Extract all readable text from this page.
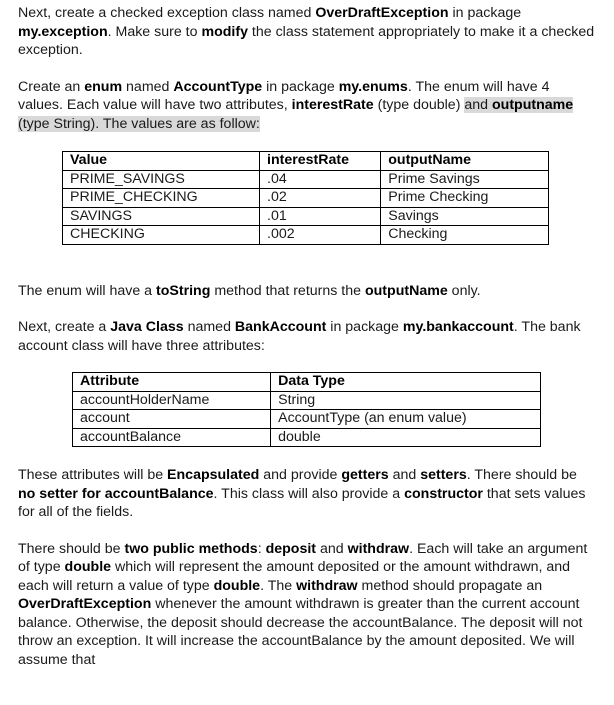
Next, create a checked exception class named OverDraftException in package my.exception. Make sure to modify the class statement appropriately to make it a checked exception.

Create an enum named AccountType in package my.enums. The enum will have 4 values. Each value will have two attributes, interestRate (type double) and outputname (type String). The values are as follow:

Value	interestRate	outputName
PRIME_SAVINGS	.04	Prime Savings
PRIME_CHECKING	.02	Prime Checking
SAVINGS	.01	Savings
CHECKING	.002	Checking

The enum will have a toString method that returns the outputName only.

Next, create a Java Class named BankAccount in package my.bankaccount. The bank account class will have three attributes:

Attribute	Data Type
accountHolderName	String
account	AccountType (an enum value)
accountBalance	double

These attributes will be Encapsulated and provide getters and setters. There should be no setter for accountBalance. This class will also provide a constructor that sets values for all of the fields.

There should be two public methods: deposit and withdraw. Each will take an argument of type double which will represent the amount deposited or the amount withdrawn, and each will return a value of type double. The withdraw method should propagate an OverDraftException whenever the amount withdrawn is greater than the current account balance. Otherwise, the deposit should decrease the accountBalance. The deposit will not throw an exception. It will increase the accountBalance by the amount deposited. We will assume that
